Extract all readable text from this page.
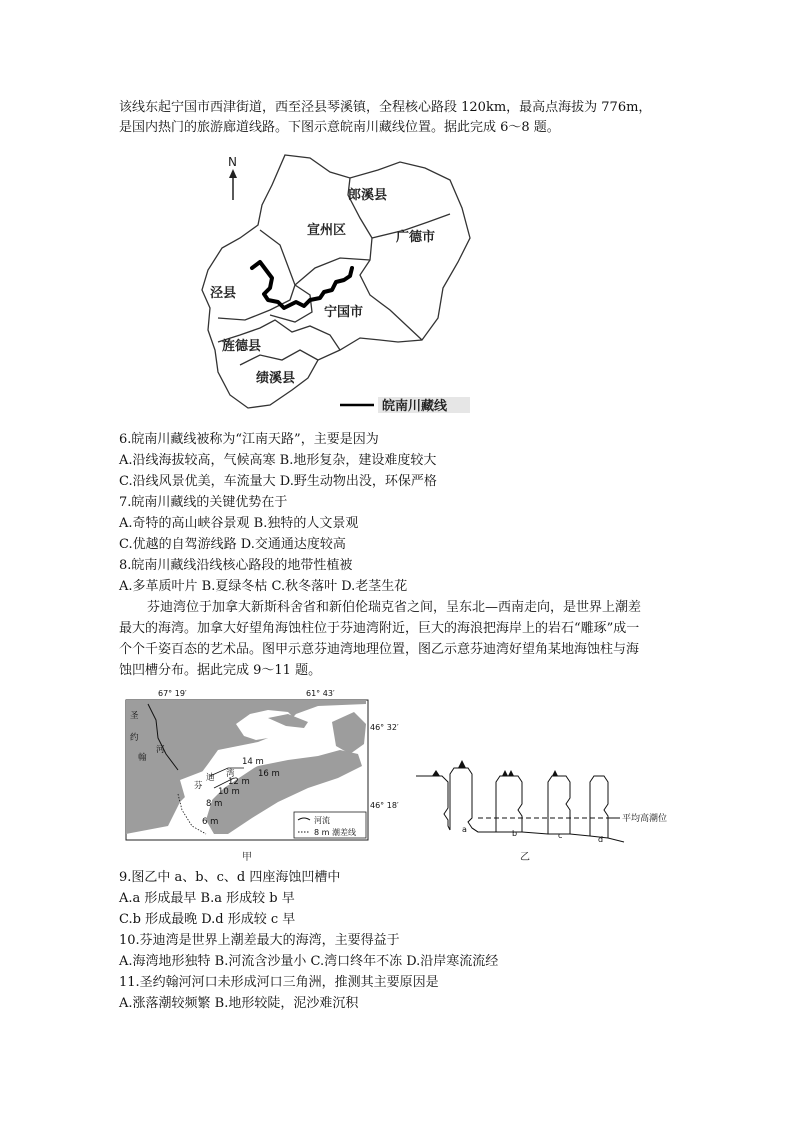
该线东起宁国市西津街道，西至泾县琴溪镇，全程核心路段 120km，最高点海拔为 776m，
是国内热门的旅游廊道线路。下图示意皖南川藏线位置。据此完成 6～8 题。
N
郎溪县
宣州区	广德市
泾县
宁国市
旌德县
绩溪县
皖南川藏线
6.皖南川藏线被称为“江南天路”，主要是因为
A.沿线海拔较高，气候高寒 B.地形复杂，建设难度较大
C.沿线风景优美，车流量大 D.野生动物出没，环保严格
7.皖南川藏线的关键优势在于
A.奇特的高山峡谷景观 B.独特的人文景观
C.优越的自驾游线路 D.交通通达度较高
8.皖南川藏线沿线核心路段的地带性植被
A.多革质叶片 B.夏绿冬枯 C.秋冬落叶 D.老茎生花
芬迪湾位于加拿大新斯科舍省和新伯伦瑞克省之间，呈东北—西南走向，是世界上潮差
最大的海湾。加拿大好望角海蚀柱位于芬迪湾附近，巨大的海浪把海岸上的岩石“雕琢”成一
个个千姿百态的艺术品。图甲示意芬迪湾地理位置，图乙示意芬迪湾好望角某地海蚀柱与海
蚀凹槽分布。据此完成 9～11 题。
67° 19′	61° 43′
圣
约
翰
河
芬
迪 湾
14 m
16 m
12 m
10 m
8 m
6 m	河流
8 m 潮差线
46° 32′
46° 18′
甲
平均高潮位
a	b	c	d
乙
9.图乙中 a、b、c、d 四座海蚀凹槽中
A.a 形成最早 B.a 形成较 b 早
C.b 形成最晚 D.d 形成较 c 早
10.芬迪湾是世界上潮差最大的海湾，主要得益于
A.海湾地形独特 B.河流含沙量小 C.湾口终年不冻 D.沿岸寒流流经
11.圣约翰河河口未形成河口三角洲，推测其主要原因是
A.涨落潮较频繁 B.地形较陡，泥沙难沉积
